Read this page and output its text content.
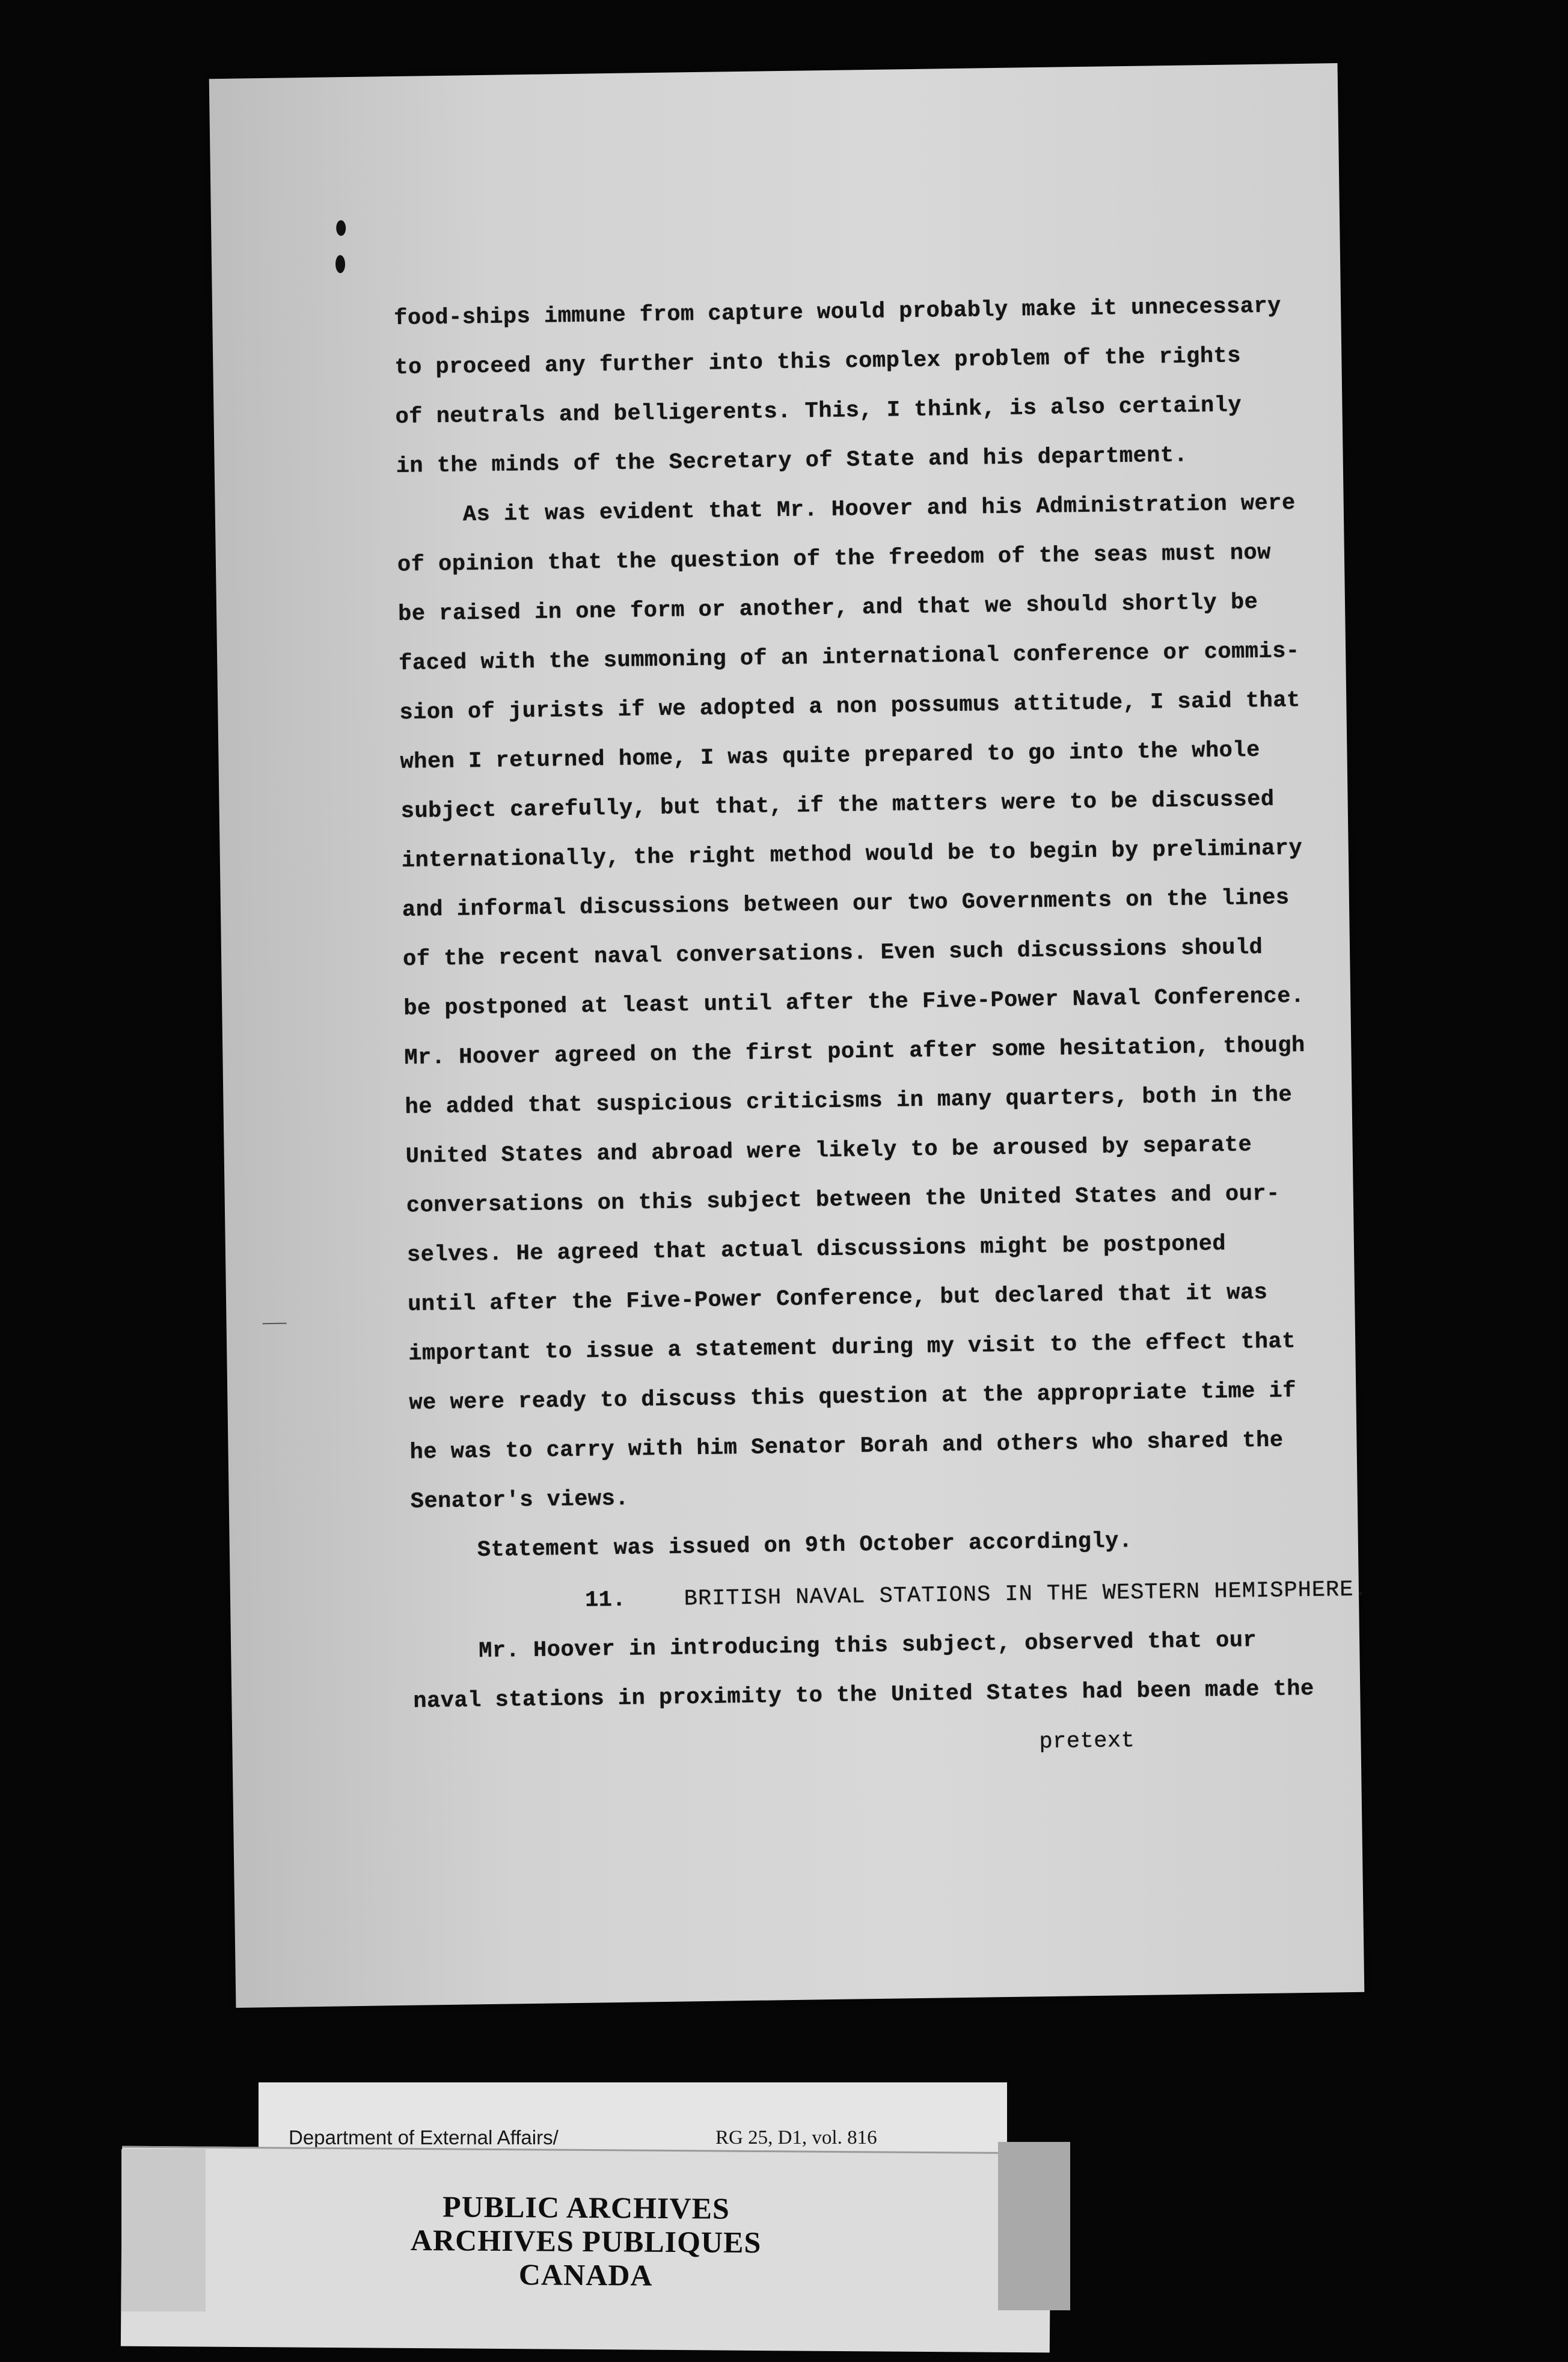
food-ships immune from capture would probably make it unnecessary
to proceed any further into this complex problem of the rights
of neutrals and belligerents. This, I think, is also certainly
in the minds of the Secretary of State and his department.
As it was evident that Mr. Hoover and his Administration were
of opinion that the question of the freedom of the seas must now
be raised in one form or another, and that we should shortly be
faced with the summoning of an international conference or commis-
sion of jurists if we adopted a non possumus attitude, I said that
when I returned home, I was quite prepared to go into the whole
subject carefully, but that, if the matters were to be discussed
internationally, the right method would be to begin by preliminary
and informal discussions between our two Governments on the lines
of the recent naval conversations. Even such discussions should
be postponed at least until after the Five-Power Naval Conference.
Mr. Hoover agreed on the first point after some hesitation, though
he added that suspicious criticisms in many quarters, both in the
United States and abroad were likely to be aroused by separate
conversations on this subject between the United States and our-
selves. He agreed that actual discussions might be postponed
until after the Five-Power Conference, but declared that it was
important to issue a statement during my visit to the effect that
we were ready to discuss this question at the appropriate time if
he was to carry with him Senator Borah and others who shared the
Senator's views.
Statement was issued on 9th October accordingly.
11.	BRITISH NAVAL STATIONS IN THE WESTERN HEMISPHERE.
Mr. Hoover in introducing this subject, observed that our
naval stations in proximity to the United States had been made the
pretext
Department of External Affairs/	RG 25, D1, vol. 816
PUBLIC ARCHIVES
ARCHIVES PUBLIQUES
CANADA
